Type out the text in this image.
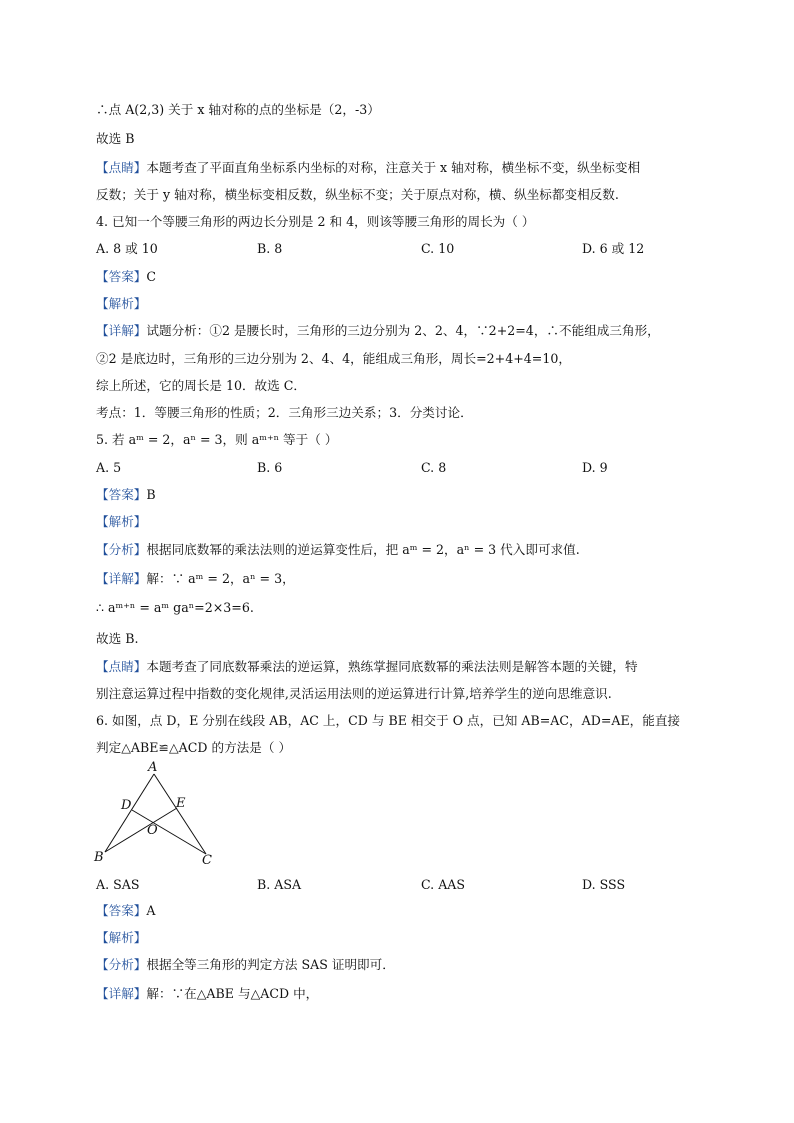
∴点 A(2,3) 关于 x 轴对称的点的坐标是（2，-3）
故选 B
【点睛】本题考查了平面直角坐标系内坐标的对称，注意关于 x 轴对称，横坐标不变，纵坐标变相
反数；关于 y 轴对称，横坐标变相反数，纵坐标不变；关于原点对称，横、纵坐标都变相反数.
4. 已知一个等腰三角形的两边长分别是 2 和 4，则该等腰三角形的周长为（ ）
A. 8 或 10	B. 8	C. 10	D. 6 或 12
【答案】C
【解析】
【详解】试题分析：①2 是腰长时，三角形的三边分别为 2、2、4，∵2+2=4，∴不能组成三角形，
②2 是底边时，三角形的三边分别为 2、4、4，能组成三角形，周长=2+4+4=10，
综上所述，它的周长是 10．故选 C．
考点：1．等腰三角形的性质；2．三角形三边关系；3．分类讨论．
5. 若 aᵐ = 2，aⁿ = 3，则 aᵐ⁺ⁿ 等于（ ）
A. 5	B. 6	C. 8	D. 9
【答案】B
【解析】
【分析】根据同底数幂的乘法法则的逆运算变性后，把 aᵐ = 2，aⁿ = 3 代入即可求值.
【详解】解：∵ aᵐ = 2，aⁿ = 3，
∴ aᵐ⁺ⁿ = aᵐ gaⁿ=2×3=6.
故选 B.
【点睛】本题考查了同底数幂乘法的逆运算，熟练掌握同底数幂的乘法法则是解答本题的关键，特
别注意运算过程中指数的变化规律,灵活运用法则的逆运算进行计算,培养学生的逆向思维意识.
6. 如图，点 D，E 分别在线段 AB，AC 上，CD 与 BE 相交于 O 点，已知 AB=AC，AD=AE，能直接
判定△ABE≌△ACD 的方法是（ ）
A
B	C
D	E
O
A. SAS	B. ASA	C. AAS	D. SSS
【答案】A
【解析】
【分析】根据全等三角形的判定方法 SAS 证明即可．
【详解】解：∵在△ABE 与△ACD 中，
